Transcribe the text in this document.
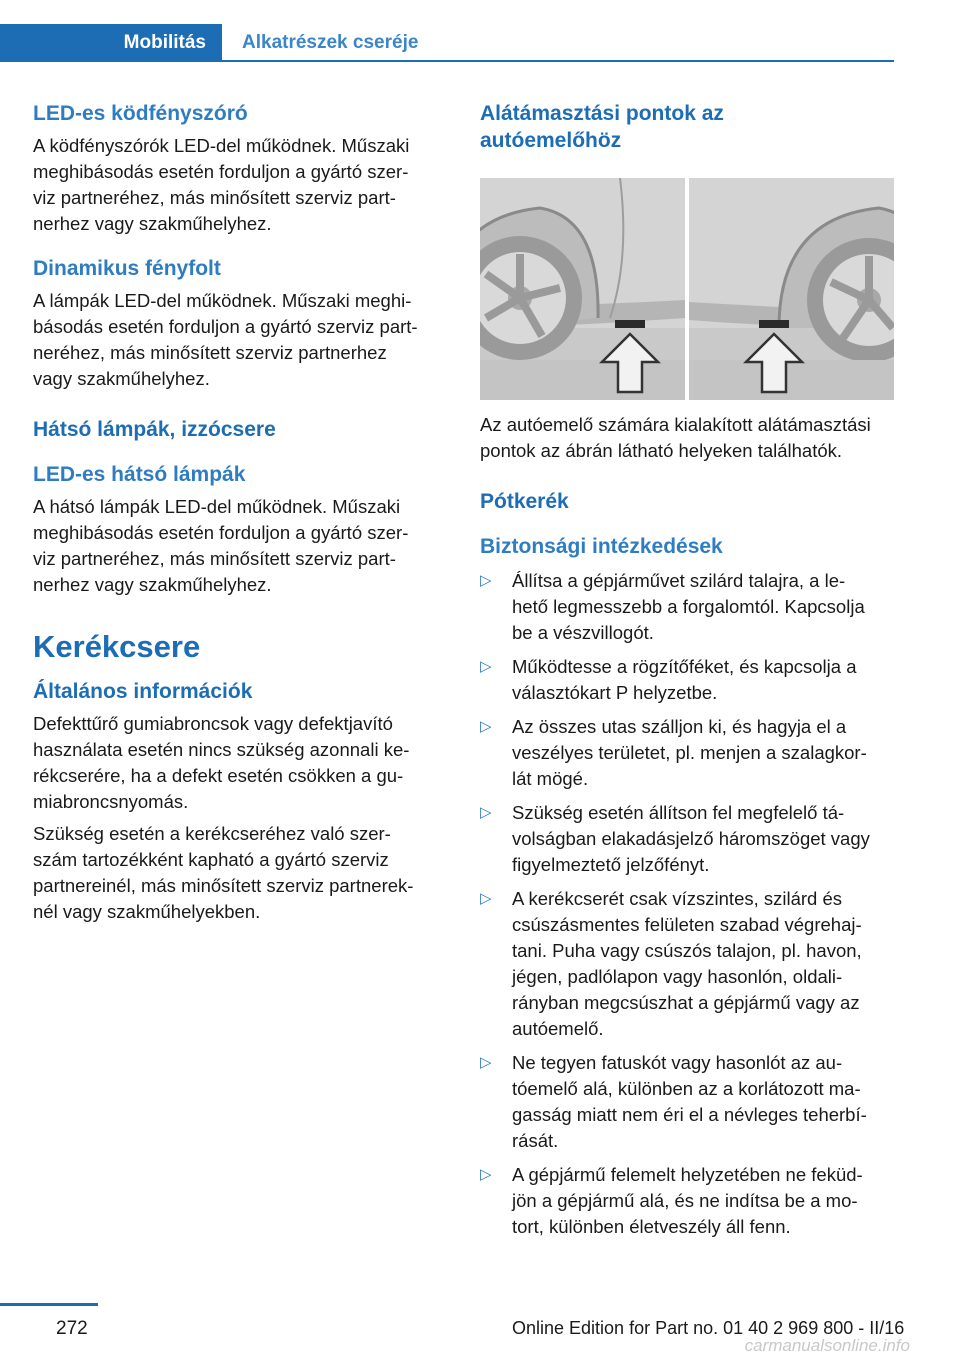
Mobilitás	Alkatrészek cseréje
LED-es ködfényszóró

A ködfényszórók LED-del működnek. Műszaki
meghibásodás esetén forduljon a gyártó szer-
viz partneréhez, más minősített szerviz part-
nerhez vagy szakműhelyhez.

Dinamikus fényfolt

A lámpák LED-del működnek. Műszaki meghi-
básodás esetén forduljon a gyártó szerviz part-
neréhez, más minősített szerviz partnerhez
vagy szakműhelyhez.

Hátsó lámpák, izzócsere
LED-es hátsó lámpák

A hátsó lámpák LED-del működnek. Műszaki
meghibásodás esetén forduljon a gyártó szer-
viz partneréhez, más minősített szerviz part-
nerhez vagy szakműhelyhez.

Kerékcsere
Általános információk

Defekttűrő gumiabroncsok vagy defektjavító
használata esetén nincs szükség azonnali ke-
rékcserére, ha a defekt esetén csökken a gu-
miabroncsnyomás.

Szükség esetén a kerékcseréhez való szer-
szám tartozékként kapható a gyártó szerviz
partnereinél, más minősített szerviz partnerek-
nél vagy szakműhelyekben.

Alátámasztási pontok az
autóemelőhöz

Az autóemelő számára kialakított alátámasztási
pontok az ábrán látható helyeken találhatók.

Pótkerék
Biztonsági intézkedések
▷	Állítsa a gépjárművet szilárd talajra, a le-
hető legmesszebb a forgalomtól. Kapcsolja
be a vészvillogót.
▷	Működtesse a rögzítőféket, és kapcsolja a
választókart P helyzetbe.
▷	Az összes utas szálljon ki, és hagyja el a
veszélyes területet, pl. menjen a szalagkor-
lát mögé.
▷	Szükség esetén állítson fel megfelelő tá-
volságban elakadásjelző háromszöget vagy
figyelmeztető jelzőfényt.
▷	A kerékcserét csak vízszintes, szilárd és
csúszásmentes felületen szabad végrehaj-
tani. Puha vagy csúszós talajon, pl. havon,
jégen, padlólapon vagy hasonlón, oldali-
rányban megcsúszhat a gépjármű vagy az
autóemelő.
▷	Ne tegyen fatuskót vagy hasonlót az au-
tóemelő alá, különben az a korlátozott ma-
gasság miatt nem éri el a névleges teherbí-
rását.
▷	A gépjármű felemelt helyzetében ne feküd-
jön a gépjármű alá, és ne indítsa be a mo-
tort, különben életveszély áll fenn.
272	Online Edition for Part no. 01 40 2 969 800 - II/16
carmanualsonline.info
